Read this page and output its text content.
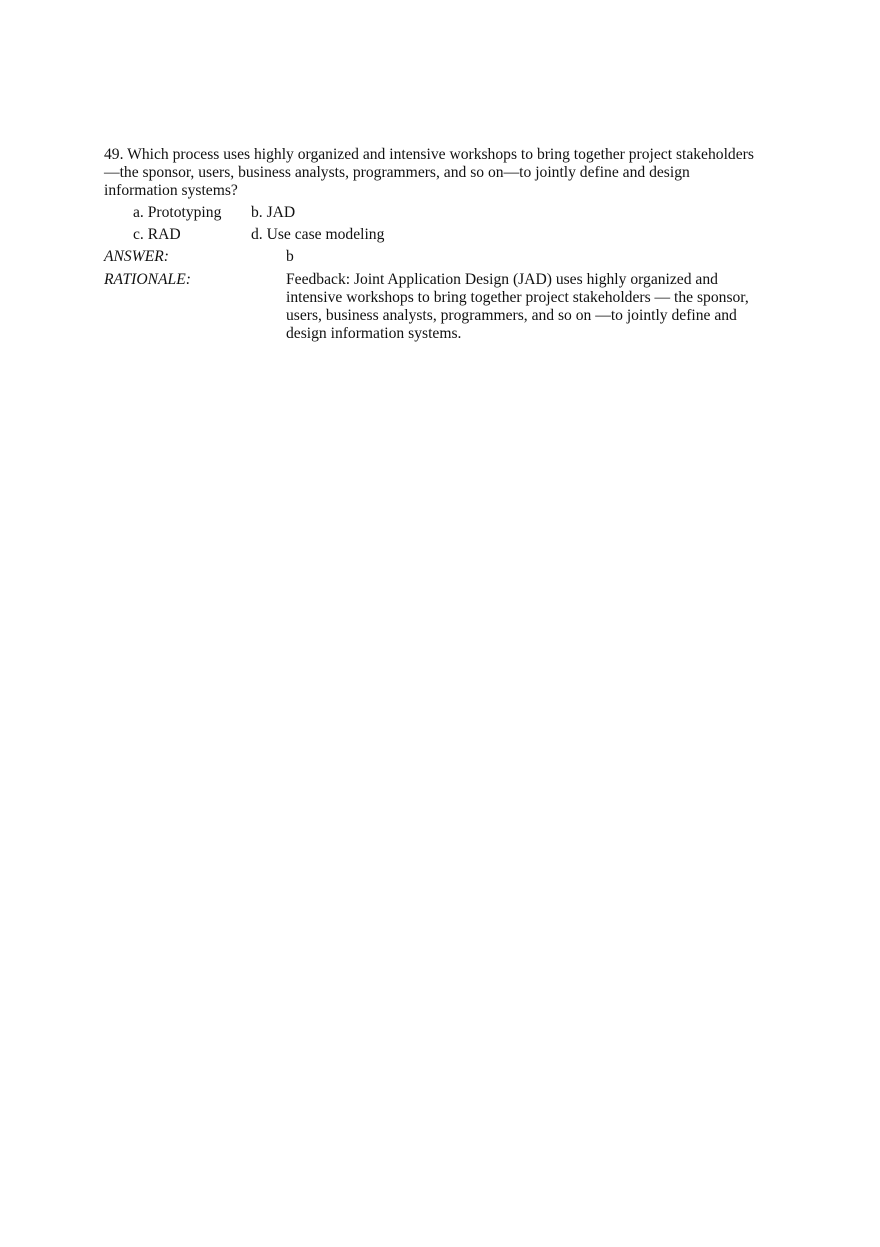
49. Which process uses highly organized and intensive workshops to bring together project stakeholders
—the sponsor, users, business analysts, programmers, and so on—to jointly define and design
information systems?
a. Prototyping b. JAD
c. RAD	d. Use case modeling
ANSWER:	b
RATIONALE:	Feedback: Joint Application Design (JAD) uses highly organized and
intensive workshops to bring together project stakeholders — the sponsor,
users, business analysts, programmers, and so on —to jointly define and
design information systems.
